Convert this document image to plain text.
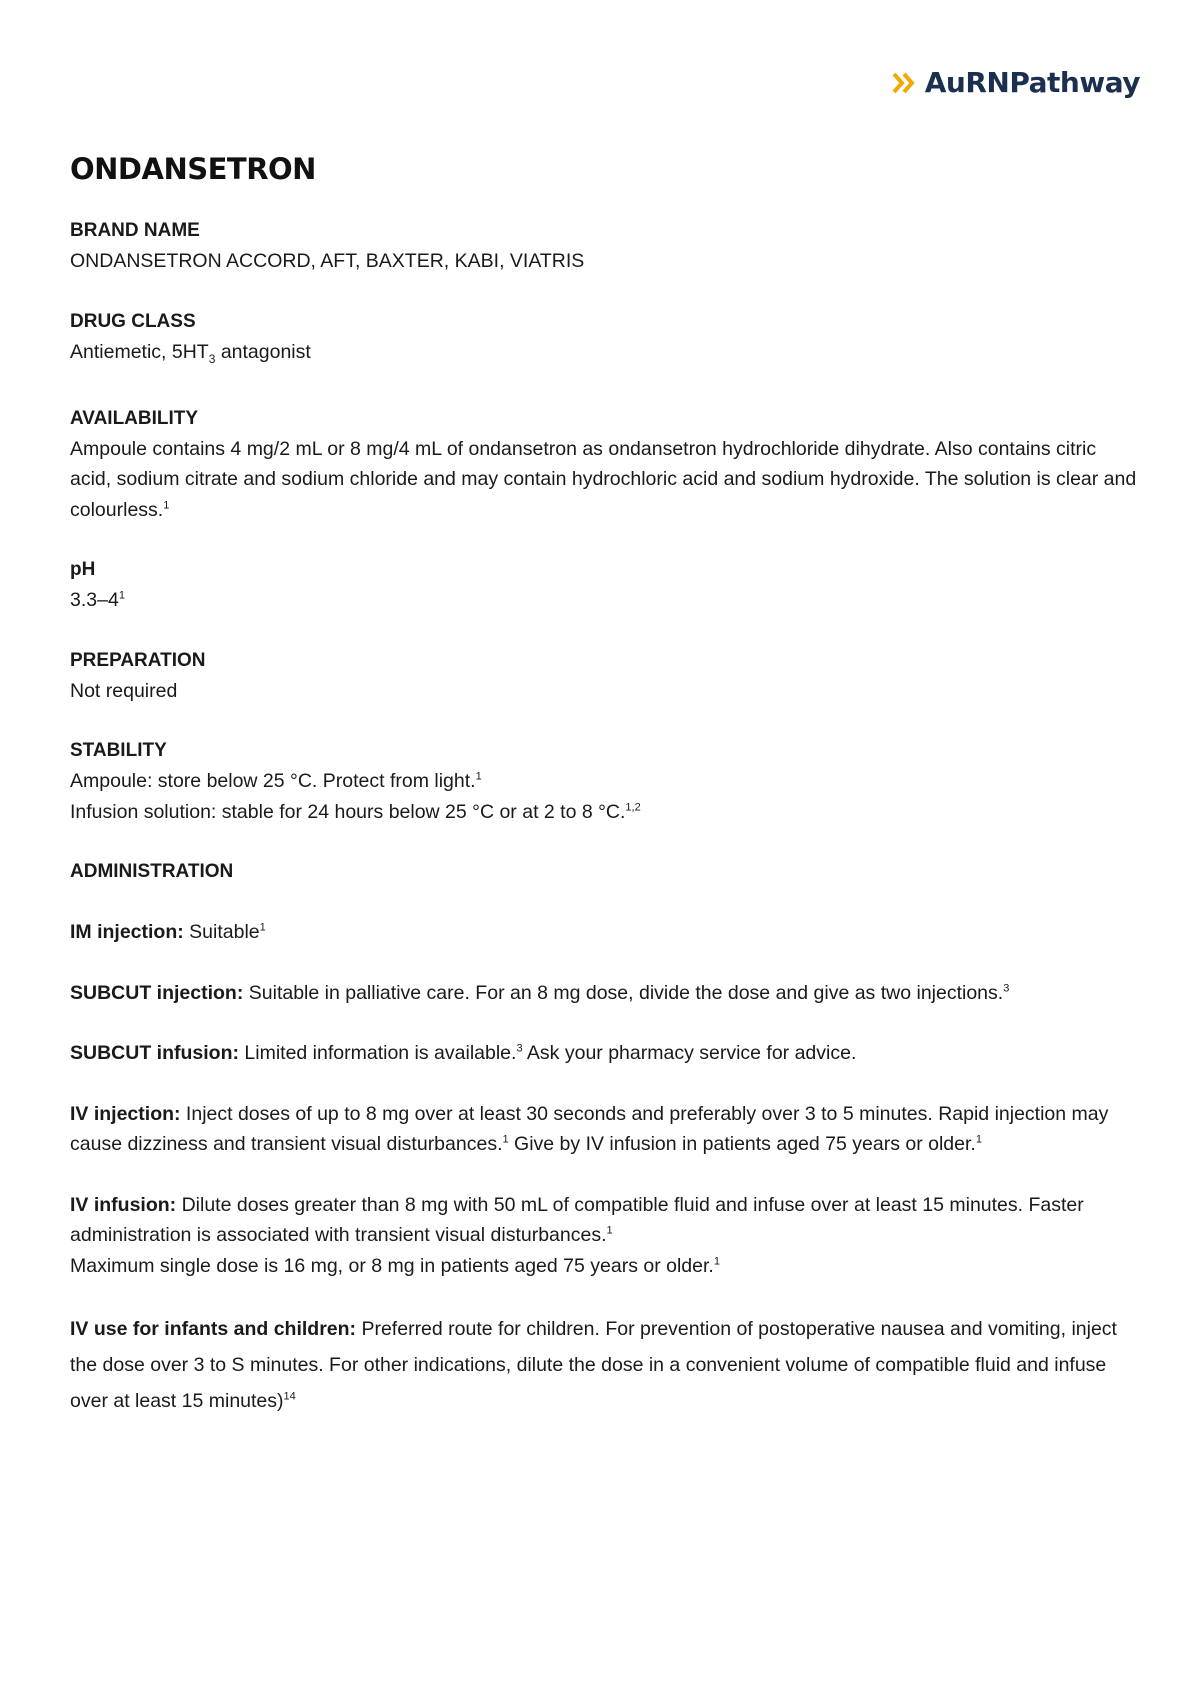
AuRNPathway
ONDANSETRON
BRAND NAME
ONDANSETRON ACCORD, AFT, BAXTER, KABI, VIATRIS
DRUG CLASS
Antiemetic, $5HT_3$ antagonist
AVAILABILITY
Ampoule contains 4 mg/2 mL or 8 mg/4 mL of ondansetron as ondansetron hydrochloride dihydrate. Also contains citric acid, sodium citrate and sodium chloride and may contain hydrochloric acid and sodium hydroxide. The solution is clear and colourless.$^1$
pH
$3.3-4^1$
PREPARATION
Not required
STABILITY
Ampoule: store below 25 °C. Protect from light.$^1$
Infusion solution: stable for 24 hours below 25 °C or at 2 to 8 °C.$^{1,2}$
ADMINISTRATION
IM injection: Suitable$^1$
SUBCUT injection: Suitable in palliative care. For an 8 mg dose, divide the dose and give as two injections.$^3$
SUBCUT infusion: Limited information is available.$^3$ Ask your pharmacy service for advice.
IV injection: Inject doses of up to 8 mg over at least 30 seconds and preferably over 3 to 5 minutes. Rapid injection may cause dizziness and transient visual disturbances.$^1$ Give by IV infusion in patients aged 75 years or older.$^1$
IV infusion: Dilute doses greater than 8 mg with 50 mL of compatible fluid and infuse over at least 15 minutes. Faster administration is associated with transient visual disturbances.$^1$
Maximum single dose is 16 mg, or 8 mg in patients aged 75 years or older.$^1$
IV use for infants and children: Preferred route for children. For prevention of postoperative nausea and vomiting, inject the dose over 3 to S minutes. For other indications, dilute the dose in a convenient volume of compatible fluid and infuse over at least 15 minutes)$^{14}$
